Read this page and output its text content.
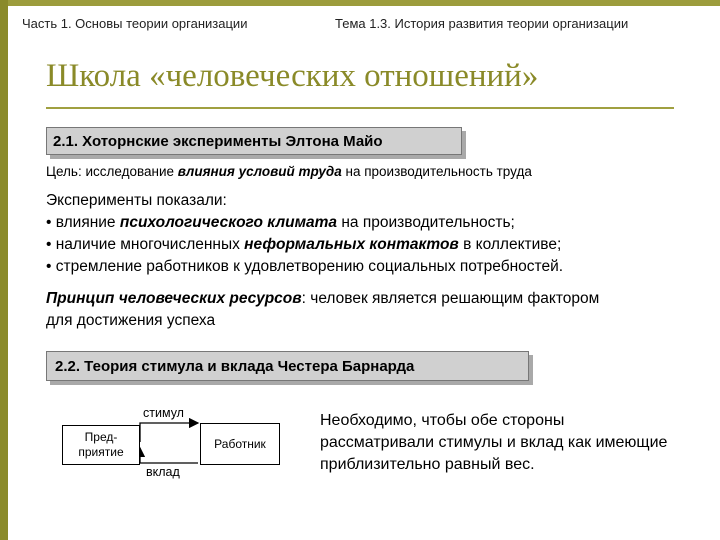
Часть 1. Основы теории организации	Тема 1.3. История развития теории организации
Школа «человеческих отношений»
2.1. Хоторнские эксперименты Элтона Майо
Цель: исследование влияния условий труда на производительность труда
Эксперименты показали:
• влияние психологического климата на производительность;
• наличие многочисленных неформальных контактов в коллективе;
• стремление работников к удовлетворению социальных потребностей.
Принцип человеческих ресурсов: человек является решающим фактором
для достижения успеха
2.2. Теория стимула и вклада Честера Барнарда
Пред-
приятие
Работник
стимул
вклад
Необходимо, чтобы обе стороны рассматривали стимулы и вклад как имеющие приблизительно равный вес.
